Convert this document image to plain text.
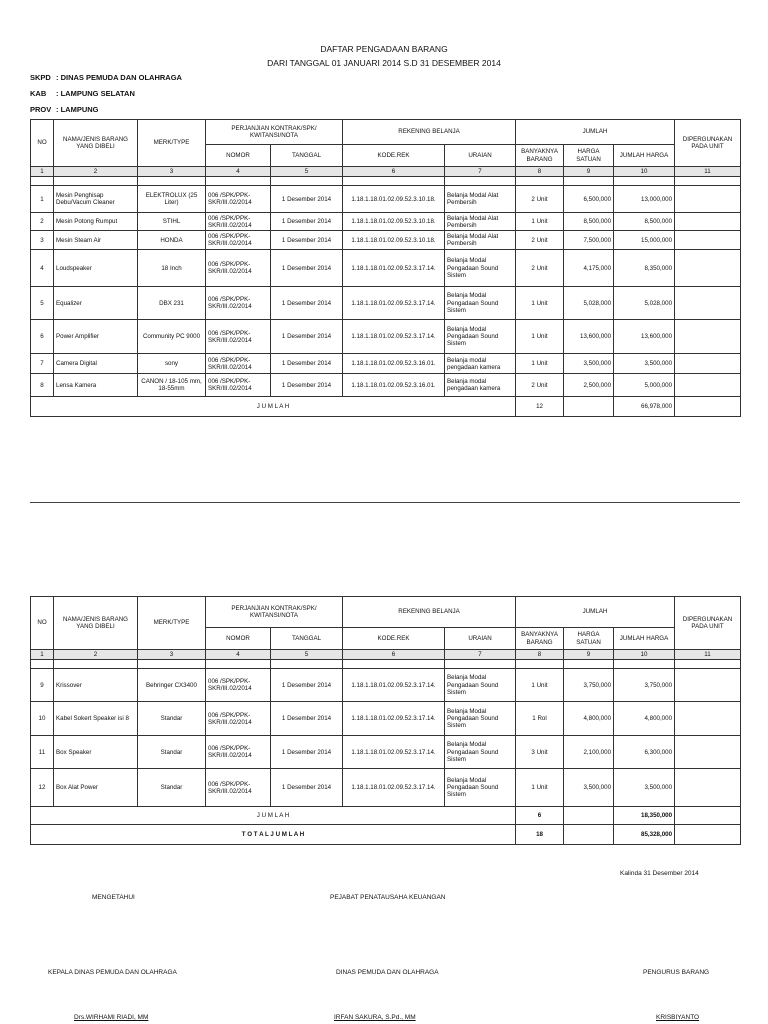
DAFTAR PENGADAAN BARANG
DARI TANGGAL 01 JANUARI 2014 S.D 31 DESEMBER 2014
SKPD : DINAS PEMUDA DAN OLAHRAGA
KAB : LAMPUNG SELATAN
PROV : LAMPUNG
NO	NAMA/JENIS BARANG YANG DIBELI	MERK/TYPE	PERJANJIAN KONTRAK/SPK/ KWITANSI/NOTA		REKENING BELANJA		JUMLAH			DIPERGUNAKAN PADA UNIT
			NOMOR	TANGGAL	KODE.REK	URAIAN	BANYAKNYA BARANG	HARGA SATUAN	JUMLAH HARGA	
1	2	3	4	5	6	7	8	9	10	11

1	Mesin Penghisap Debu/Vacum Cleaner	ELEKTROLUX (25 Liter)	006 /SPK/PPK-SKR/III.02/2014	1 Desember 2014	1.18.1.18.01.02.09.52.3.10.18.	Belanja Modal Alat Pembersih	2 Unit	6,500,000	13,000,000	
2	Mesin Potong Rumput	STIHL	006 /SPK/PPK-SKR/III.02/2014	1 Desember 2014	1.18.1.18.01.02.09.52.3.10.18.	Belanja Modal Alat Pembersih	1 Unit	8,500,000	8,500,000	
3	Mesin Steam Air	HONDA	006 /SPK/PPK-SKR/III.02/2014	1 Desember 2014	1.18.1.18.01.02.09.52.3.10.18.	Belanja Modal Alat Pembersih	2 Unit	7,500,000	15,000,000	
4	Loudspeaker	18 Inch	006 /SPK/PPK-SKR/III.02/2014	1 Desember 2014	1.18.1.18.01.02.09.52.3.17.14.	Belanja Modal Pengadaan Sound Sistem	2 Unit	4,175,000	8,350,000	
5	Equalizer	DBX 231	006 /SPK/PPK-SKR/III.02/2014	1 Desember 2014	1.18.1.18.01.02.09.52.3.17.14.	Belanja Modal Pengadaan Sound Sistem	1 Unit	5,028,000	5,028,000	
6	Power Amplifier	Community PC 9000	006 /SPK/PPK-SKR/III.02/2014	1 Desember 2014	1.18.1.18.01.02.09.52.3.17.14.	Belanja Modal Pengadaan Sound Sistem	1 Unit	13,600,000	13,600,000	
7	Camera Digital	sony	006 /SPK/PPK-SKR/III.02/2014	1 Desember 2014	1.18.1.18.01.02.09.52.3.16.01.	Belanja modal pengadaan kamera	1 Unit	3,500,000	3,500,000	
8	Lensa Kamera	CANON / 18-105 mm, 18-55mm	006 /SPK/PPK-SKR/III.02/2014	1 Desember 2014	1.18.1.18.01.02.09.52.3.16.01.	Belanja modal pengadaan kamera	2 Unit	2,500,000	5,000,000	
J U M L A H							12		66,978,000	
NO	NAMA/JENIS BARANG YANG DIBELI	MERK/TYPE	PERJANJIAN KONTRAK/SPK/ KWITANSI/NOTA		REKENING BELANJA		JUMLAH			DIPERGUNAKAN PADA UNIT
			NOMOR	TANGGAL	KODE.REK	URAIAN	BANYAKNYA BARANG	HARGA SATUAN	JUMLAH HARGA	
1	2	3	4	5	6	7	8	9	10	11

9	Krissover	Behringer CX3400	006 /SPK/PPK-SKR/III.02/2014	1 Desember 2014	1.18.1.18.01.02.09.52.3.17.14.	Belanja Modal Pengadaan Sound Sistem	1 Unit	3,750,000	3,750,000	
10	Kabel Sokert Speaker isi 8	Standar	006 /SPK/PPK-SKR/III.02/2014	1 Desember 2014	1.18.1.18.01.02.09.52.3.17.14.	Belanja Modal Pengadaan Sound Sistem	1 Rol	4,800,000	4,800,000	
11	Box Speaker	Standar	006 /SPK/PPK-SKR/III.02/2014	1 Desember 2014	1.18.1.18.01.02.09.52.3.17.14.	Belanja Modal Pengadaan Sound Sistem	3 Unit	2,100,000	6,300,000	
12	Box Alat Power	Standar	006 /SPK/PPK-SKR/III.02/2014	1 Desember 2014	1.18.1.18.01.02.09.52.3.17.14.	Belanja Modal Pengadaan Sound Sistem	1 Unit	3,500,000	3,500,000	
J U M L A H							6		18,350,000	
T O T A L J U M L A H							18		85,328,000	
Kalinda 31 Desember 2014
MENGETAHUI	PEJABAT PENATAUSAHA KEUANGAN
KEPALA DINAS PEMUDA DAN OLAHRAGA	DINAS PEMUDA DAN OLAHRAGA	PENGURUS BARANG
Drs.WIRHAMI RIADI, MM	IRFAN SAKURA, S.Pd., MM	KRISBIYANTO
